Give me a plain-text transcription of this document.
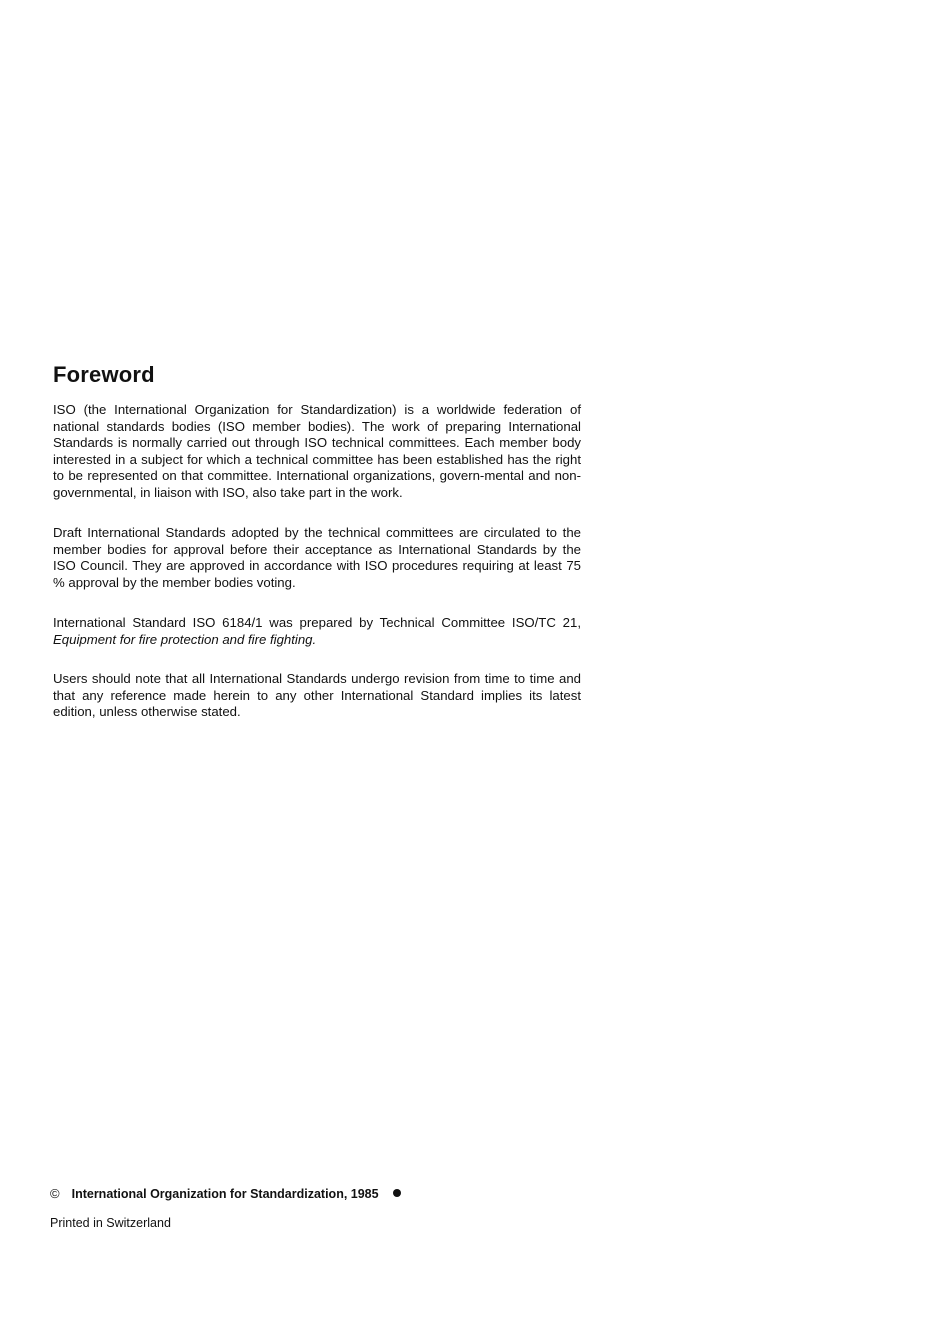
Foreword

ISO (the International Organization for Standardization) is a worldwide federation of national standards bodies (ISO member bodies). The work of preparing International Standards is normally carried out through ISO technical committees. Each member body interested in a subject for which a technical committee has been established has the right to be represented on that committee. International organizations, govern-mental and non-governmental, in liaison with ISO, also take part in the work.

Draft International Standards adopted by the technical committees are circulated to the member bodies for approval before their acceptance as International Standards by the ISO Council. They are approved in accordance with ISO procedures requiring at least 75 % approval by the member bodies voting.

International Standard ISO 6184/1 was prepared by Technical Committee ISO/TC 21, Equipment for fire protection and fire fighting.

Users should note that all International Standards undergo revision from time to time and that any reference made herein to any other International Standard implies its latest edition, unless otherwise stated.

© International Organization for Standardization, 1985
Printed in Switzerland
